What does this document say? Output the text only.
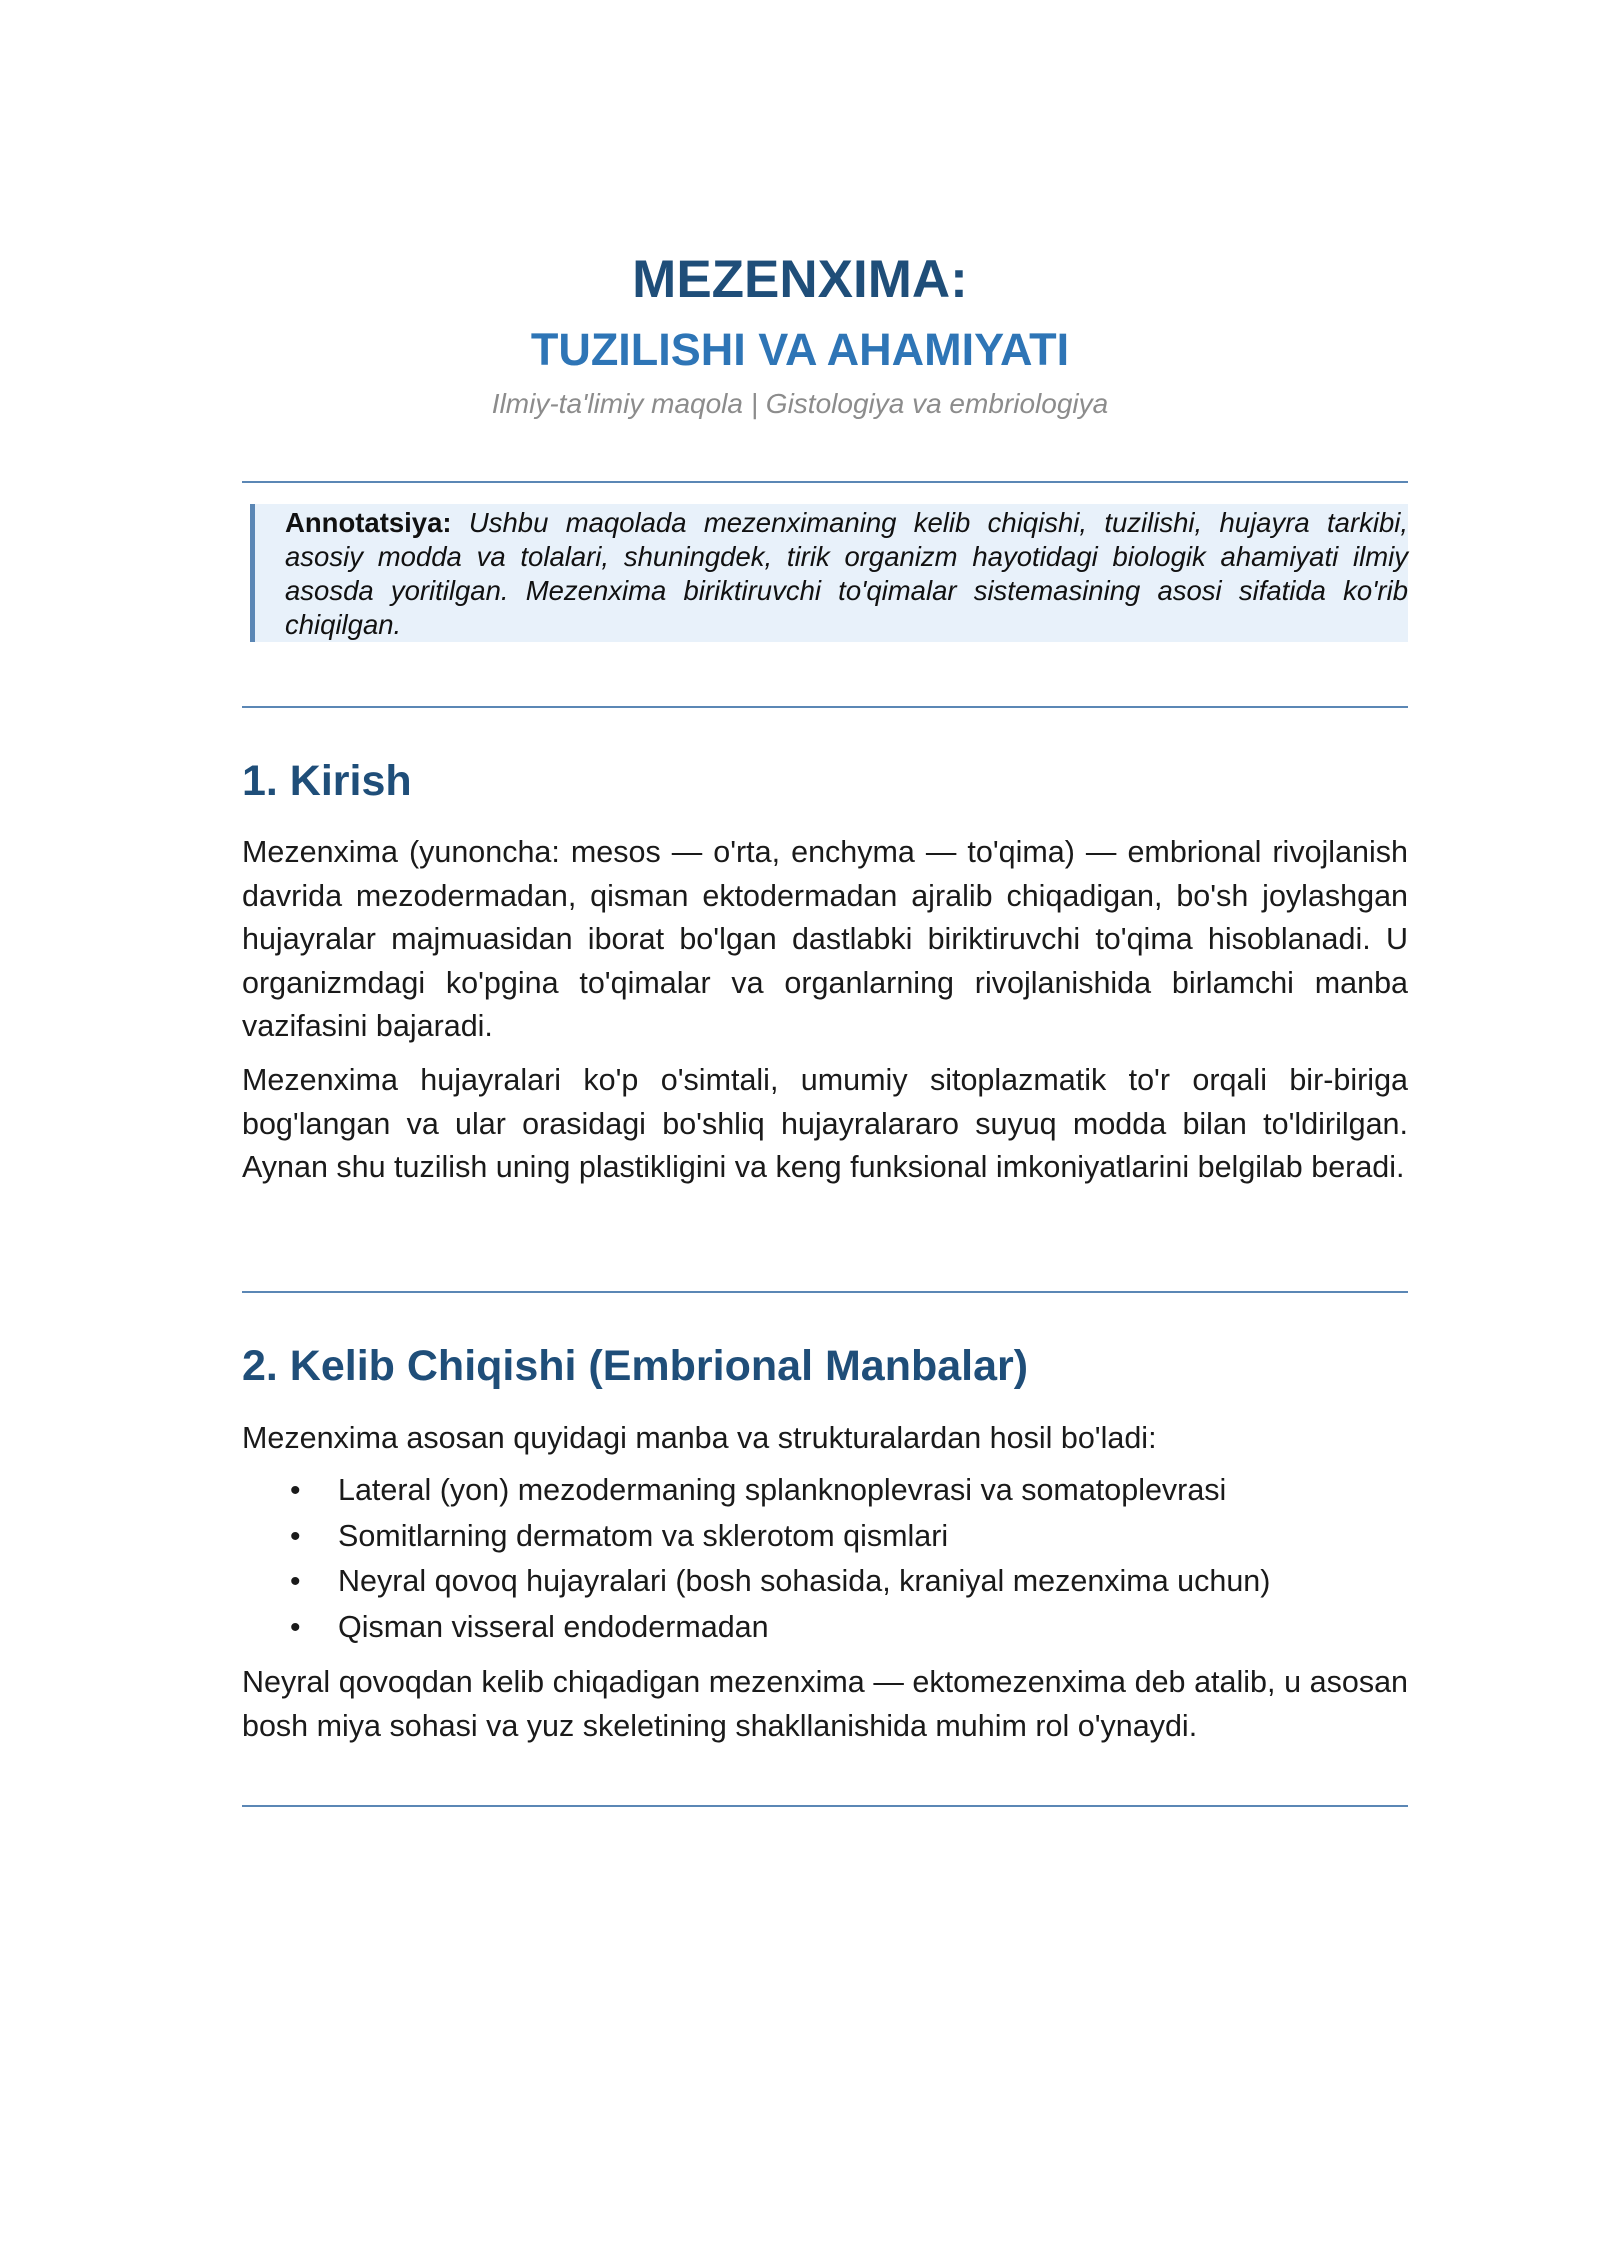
MEZENXIMA:
TUZILISHI VA AHAMIYATI

Ilmiy-ta'limiy maqola | Gistologiya va embriologiya

Annotatsiya: Ushbu maqolada mezenximaning kelib chiqishi, tuzilishi, hujayra tarkibi, asosiy modda va tolalari, shuningdek, tirik organizm hayotidagi biologik ahamiyati ilmiy asosda yoritilgan. Mezenxima biriktiruvchi to'qimalar sistemasining asosi sifatida ko'rib chiqilgan.
1. Kirish

Mezenxima (yunoncha: mesos — o'rta, enchyma — to'qima) — embrional rivojlanish davrida mezodermadan, qisman ektodermadan ajralib chiqadigan, bo'sh joylashgan hujayralar majmuasidan iborat bo'lgan dastlabki biriktiruvchi to'qima hisoblanadi. U organizmdagi ko'pgina to'qimalar va organlarning rivojlanishida birlamchi manba vazifasini bajaradi.

Mezenxima hujayralari ko'p o'simtali, umumiy sitoplazmatik to'r orqali bir-biriga bog'langan va ular orasidagi bo'shliq hujayralararo suyuq modda bilan to'ldirilgan. Aynan shu tuzilish uning plastikligini va keng funksional imkoniyatlarini belgilab beradi.

2. Kelib Chiqishi (Embrional Manbalar)

Mezenxima asosan quyidagi manba va strukturalardan hosil bo'ladi:

• Lateral (yon) mezodermaning splanknoplevrasi va somatoplevrasi
• Somitlarning dermatom va sklerotom qismlari
• Neyral qovoq hujayralari (bosh sohasida, kraniyal mezenxima uchun)
• Qisman visseral endodermadan

Neyral qovoqdan kelib chiqadigan mezenxima — ektomezenxima deb atalib, u asosan bosh miya sohasi va yuz skeletining shakllanishida muhim rol o'ynaydi.
